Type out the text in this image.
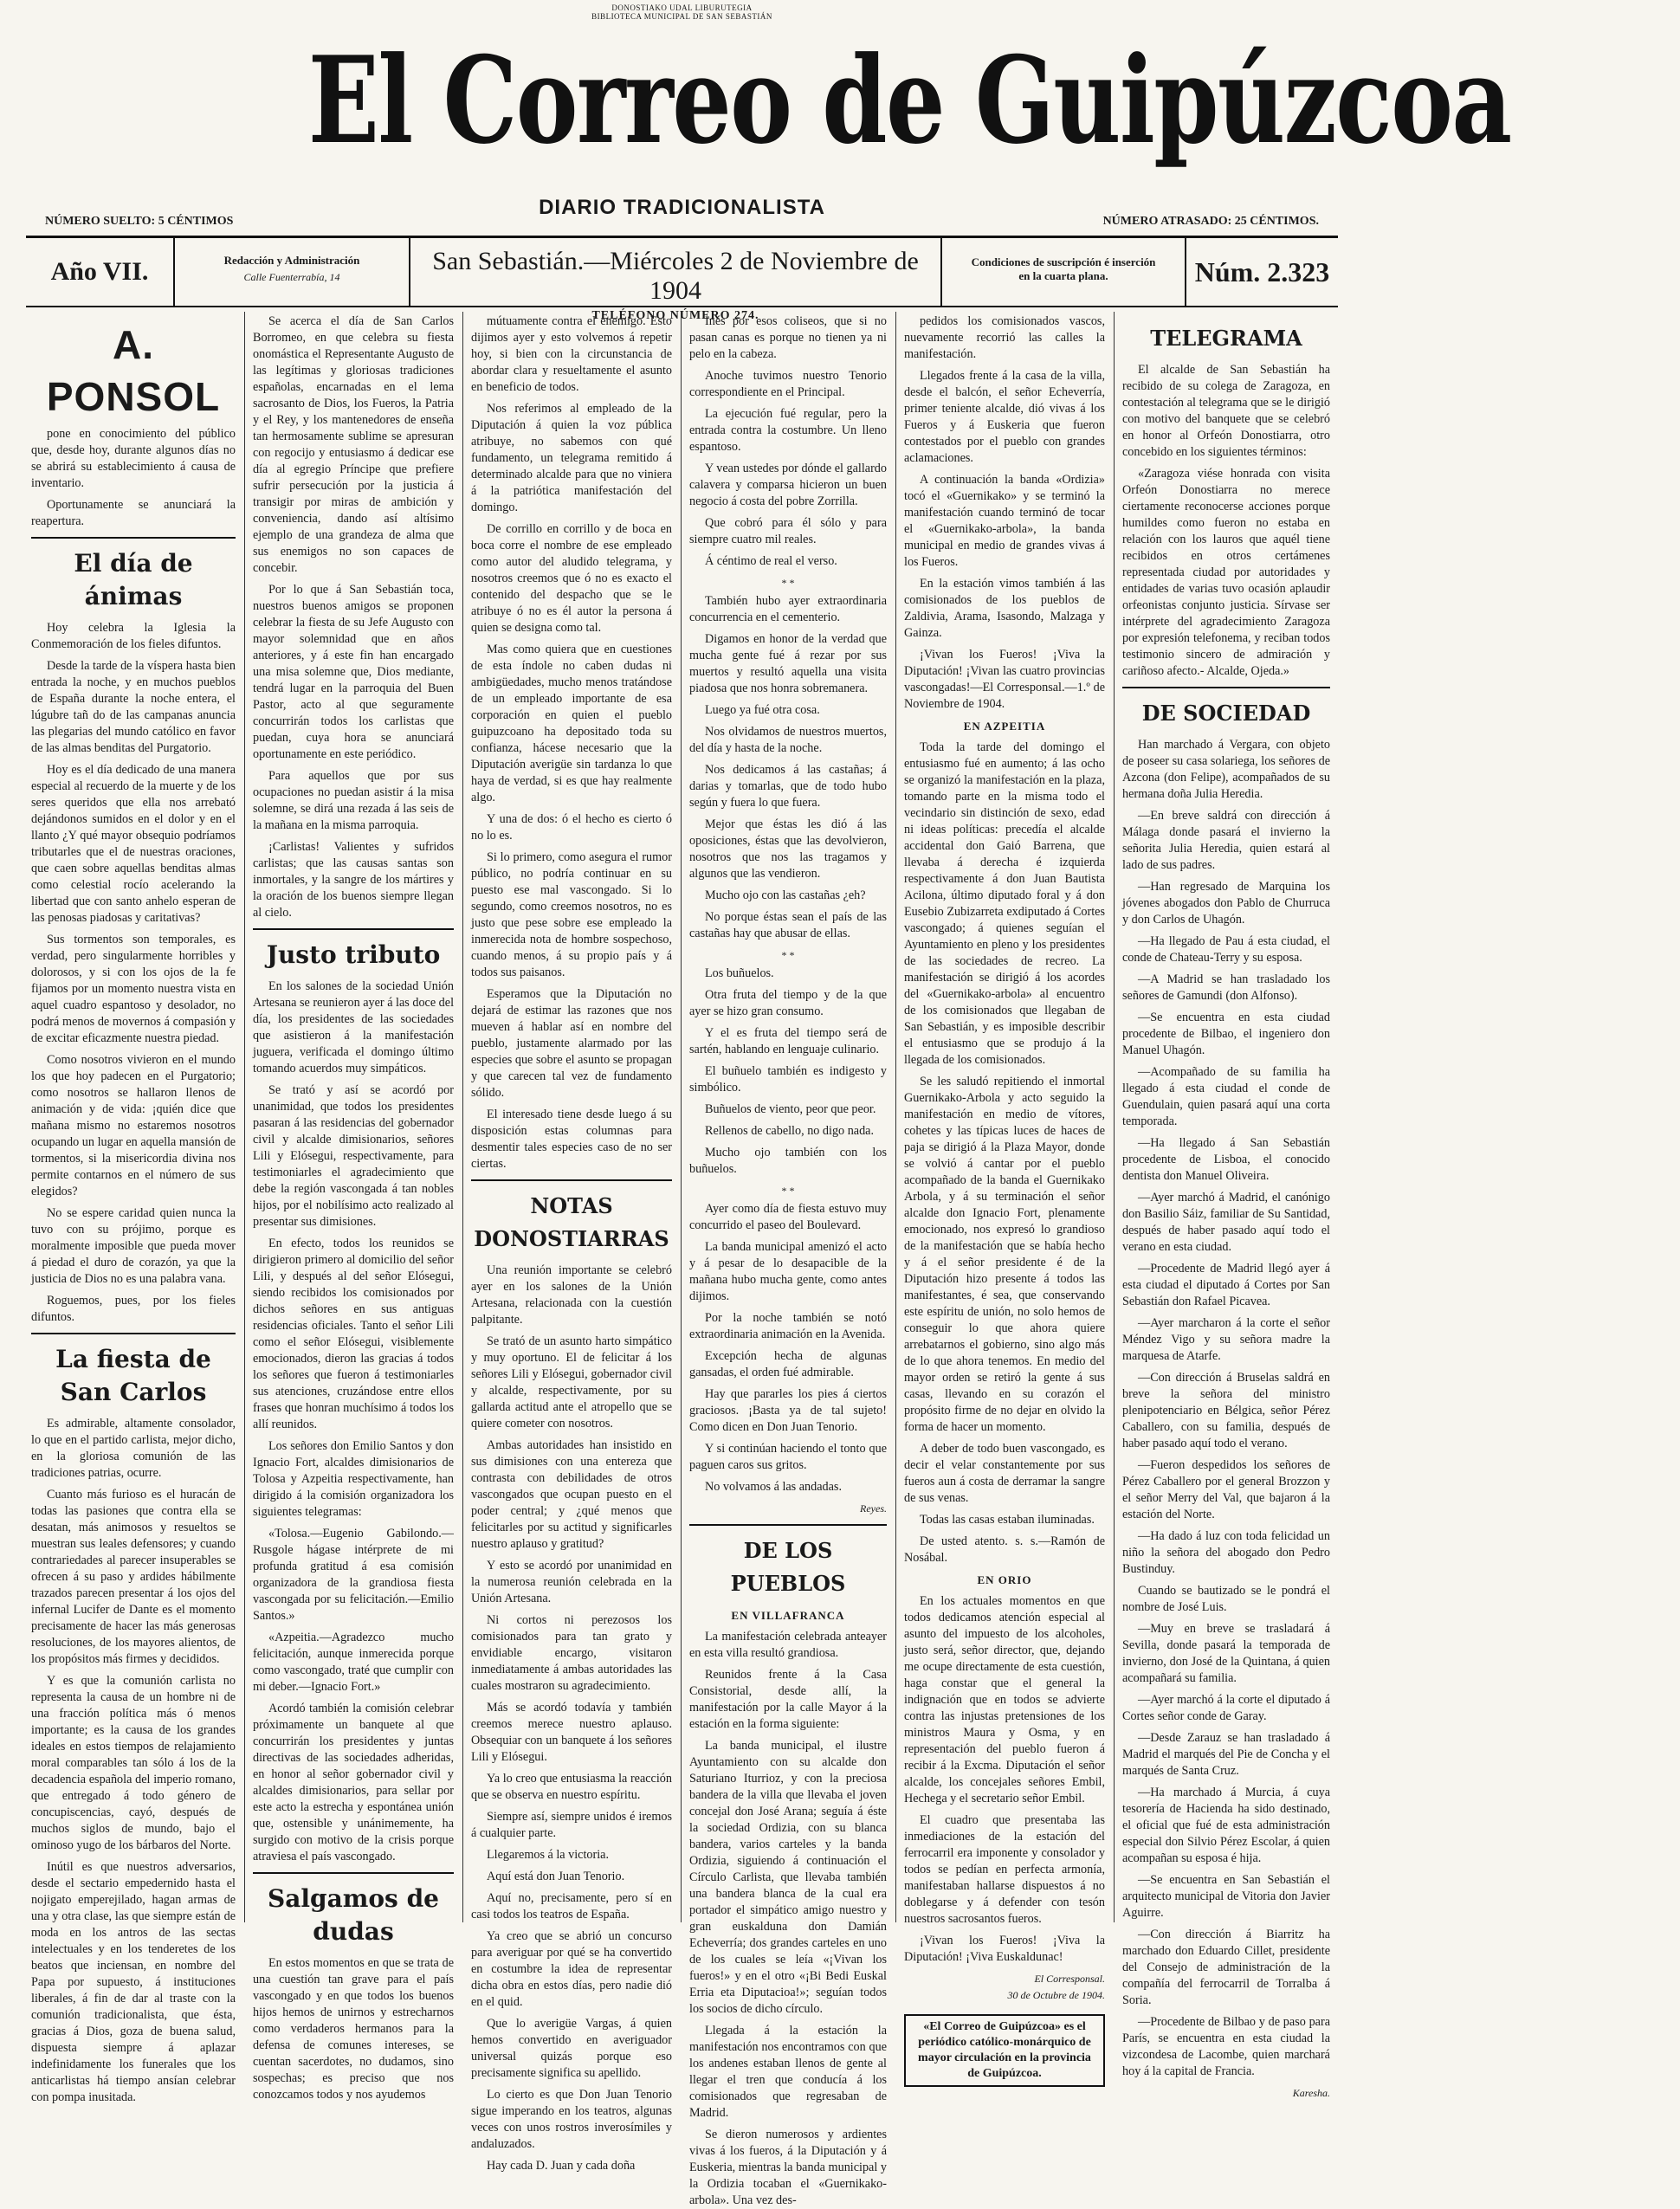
DONOSTIAKO UDAL LIBURUTEGIA
BIBLIOTECA MUNICIPAL DE SAN SEBASTIÁN
El Correo de Guipúzcoa
DIARIO TRADICIONALISTA
NÚMERO SUELTO: 5 CÉNTIMOS	NÚMERO ATRASADO: 25 CÉNTIMOS.
Año VII.	Redacción y Administración
Calle Fuenterrabía, 14
San Sebastián.—Miércoles 2 de Noviembre de 1904
TELÉFONO NÚMERO 274.
Condiciones de suscripción é inserción
en la cuarta plana.	Núm. 2.323
A. PONSOL

pone en conocimiento del público que, desde hoy, durante algunos días no se abrirá su establecimiento á causa de inventario.

Oportunamente se anunciará la reapertura.

El día de ánimas

Hoy celebra la Iglesia la Conmemoración de los fieles difuntos.

Desde la tarde de la víspera hasta bien entrada la noche, y en muchos pueblos de España durante la noche entera, el lúgubre tañ do de las campanas anuncia las plegarias del mundo católico en favor de las almas benditas del Purgatorio.

Hoy es el día dedicado de una manera especial al recuerdo de la muerte y de los seres queridos que ella nos arrebató dejándonos sumidos en el dolor y en el llanto ¿Y qué mayor obsequio podríamos tributarles que el de nuestras oraciones, que caen sobre aquellas benditas almas como celestial rocío acelerando la libertad que con santo anhelo esperan de las penosas piadosas y caritativas?

Sus tormentos son temporales, es verdad, pero singularmente horribles y dolorosos, y si con los ojos de la fe fijamos por un momento nuestra vista en aquel cuadro espantoso y desolador, no podrá menos de movernos á compasión y de excitar eficazmente nuestra piedad.

Como nosotros vivieron en el mundo los que hoy padecen en el Purgatorio; como nosotros se hallaron llenos de animación y de vida: ¡quién dice que mañana mismo no estaremos nosotros ocupando un lugar en aquella mansión de tormentos, si la misericordia divina nos permite contarnos en el número de sus elegidos?

No se espere caridad quien nunca la tuvo con su prójimo, porque es moralmente imposible que pueda mover á piedad el duro de corazón, ya que la justicia de Dios no es una palabra vana.

Roguemos, pues, por los fieles difuntos.

La fiesta de San Carlos

Es admirable, altamente consolador, lo que en el partido carlista, mejor dicho, en la gloriosa comunión de las tradiciones patrias, ocurre.

Cuanto más furioso es el huracán de todas las pasiones que contra ella se desatan, más animosos y resueltos se muestran sus leales defensores; y cuando contrariedades al parecer insuperables se ofrecen á su paso y ardides hábilmente trazados parecen presentar á los ojos del infernal Lucifer de Dante es el momento precisamente de hacer las más generosas resoluciones, de los mayores alientos, de los propósitos más firmes y decididos.

Y es que la comunión carlista no representa la causa de un hombre ni de una fracción política más ó menos importante; es la causa de los grandes ideales en estos tiempos de relajamiento moral comparables tan sólo á los de la decadencia española del imperio romano, que entregado á todo género de concupiscencias, cayó, después de muchos siglos de mundo, bajo el ominoso yugo de los bárbaros del Norte.

Inútil es que nuestros adversarios, desde el sectario empedernido hasta el nojigato emperejilado, hagan armas de una y otra clase, las que siempre están de moda en los antros de las sectas intelectuales y en los tenderetes de los beatos que inciensan, en nombre del Papa por supuesto, á instituciones liberales, á fin de dar al traste con la comunión tradicionalista, que ésta, gracias á Dios, goza de buena salud, dispuesta siempre á aplazar indefinidamente los funerales que los anticarlistas há tiempo ansían celebrar con pompa inusitada.

Se acerca el día de San Carlos Borromeo, en que celebra su fiesta onomástica el Representante Augusto de las legítimas y gloriosas tradiciones españolas, encarnadas en el lema sacrosanto de Dios, los Fueros, la Patria y el Rey, y los mantenedores de enseña tan hermosamente sublime se apresuran con regocijo y entusiasmo á dedicar ese día al egregio Príncipe que prefiere sufrir persecución por la justicia á transigir por miras de ambición y conveniencia, dando así altísimo ejemplo de una grandeza de alma que sus enemigos no son capaces de concebir.

Por lo que á San Sebastián toca, nuestros buenos amigos se proponen celebrar la fiesta de su Jefe Augusto con mayor solemnidad que en años anteriores, y á este fin han encargado una misa solemne que, Dios mediante, tendrá lugar en la parroquia del Buen Pastor, acto al que seguramente concurrirán todos los carlistas que puedan, cuya hora se anunciará oportunamente en este periódico.

Para aquellos que por sus ocupaciones no puedan asistir á la misa solemne, se dirá una rezada á las seis de la mañana en la misma parroquia.

¡Carlistas! Valientes y sufridos carlistas; que las causas santas son inmortales, y la sangre de los mártires y la oración de los buenos siempre llegan al cielo.

Justo tributo

En los salones de la sociedad Unión Artesana se reunieron ayer á las doce del día, los presidentes de las sociedades que asistieron á la manifestación juguera, verificada el domingo último tomando acuerdos muy simpáticos.

Se trató y así se acordó por unanimidad, que todos los presidentes pasaran á las residencias del gobernador civil y alcalde dimisionarios, señores Lili y Elósegui, respectivamente, para testimoniarles el agradecimiento que debe la región vascongada á tan nobles hijos, por el nobilísimo acto realizado al presentar sus dimisiones.

En efecto, todos los reunidos se dirigieron primero al domicilio del señor Lili, y después al del señor Elósegui, siendo recibidos los comisionados por dichos señores en sus antiguas residencias oficiales. Tanto el señor Lili como el señor Elósegui, visiblemente emocionados, dieron las gracias á todos los señores que fueron á testimoniarles sus atenciones, cruzándose entre ellos frases que honran muchísimo á todos los allí reunidos.

Los señores don Emilio Santos y don Ignacio Fort, alcaldes dimisionarios de Tolosa y Azpeitia respectivamente, han dirigido á la comisión organizadora los siguientes telegramas:

«Tolosa.—Eugenio Gabilondo.—Rusgole hágase intérprete de mi profunda gratitud á esa comisión organizadora de la grandiosa fiesta vascongada por su felicitación.—Emilio Santos.»

«Azpeitia.—Agradezco mucho felicitación, aunque inmerecida porque como vascongado, traté que cumplir con mi deber.—Ignacio Fort.»

Acordó también la comisión celebrar próximamente un banquete al que concurrirán los presidentes y juntas directivas de las sociedades adheridas, en honor al señor gobernador civil y alcaldes dimisionarios, para sellar por este acto la estrecha y espontánea unión que, ostensible y unánimemente, ha surgido con motivo de la crisis porque atraviesa el país vascongado.

Salgamos de dudas

En estos momentos en que se trata de una cuestión tan grave para el país vascongado y en que todos los buenos hijos hemos de unirnos y estrecharnos como verdaderos hermanos para la defensa de comunes intereses, se cuentan sacerdotes, no dudamos, sino sospechas; es preciso que nos conozcamos todos y nos ayudemos

mútuamente contra el enemigo. Esto dijimos ayer y esto volvemos á repetir hoy, si bien con la circunstancia de abordar clara y resueltamente el asunto en beneficio de todos.

Nos referimos al empleado de la Diputación á quien la voz pública atribuye, no sabemos con qué fundamento, un telegrama remitido á determinado alcalde para que no viniera á la patriótica manifestación del domingo.

De corrillo en corrillo y de boca en boca corre el nombre de ese empleado como autor del aludido telegrama, y nosotros creemos que ó no es exacto el contenido del despacho que se le atribuye ó no es él autor la persona á quien se designa como tal.

Mas como quiera que en cuestiones de esta índole no caben dudas ni ambigüedades, mucho menos tratándose de un empleado importante de esa corporación en quien el pueblo guipuzcoano ha depositado toda su confianza, hácese necesario que la Diputación averigüe sin tardanza lo que haya de verdad, si es que hay realmente algo.

Y una de dos: ó el hecho es cierto ó no lo es.

Si lo primero, como asegura el rumor público, no podría continuar en su puesto ese mal vascongado. Si lo segundo, como creemos nosotros, no es justo que pese sobre ese empleado la inmerecida nota de hombre sospechoso, cuando menos, á su propio país y á todos sus paisanos.

Esperamos que la Diputación no dejará de estimar las razones que nos mueven á hablar así en nombre del pueblo, justamente alarmado por las especies que sobre el asunto se propagan y que carecen tal vez de fundamento sólido.

El interesado tiene desde luego á su disposición estas columnas para desmentir tales especies caso de no ser ciertas.

NOTAS DONOSTIARRAS

Una reunión importante se celebró ayer en los salones de la Unión Artesana, relacionada con la cuestión palpitante.

Se trató de un asunto harto simpático y muy oportuno. El de felicitar á los señores Lili y Elósegui, gobernador civil y alcalde, respectivamente, por su gallarda actitud ante el atropello que se quiere cometer con nosotros.

Ambas autoridades han insistido en sus dimisiones con una entereza que contrasta con debilidades de otros vascongados que ocupan puesto en el poder central; y ¿qué menos que felicitarles por su actitud y significarles nuestro aplauso y gratitud?

Y esto se acordó por unanimidad en la numerosa reunión celebrada en la Unión Artesana.

Ni cortos ni perezosos los comisionados para tan grato y envidiable encargo, visitaron inmediatamente á ambas autoridades las cuales mostraron su agradecimiento.

Más se acordó todavía y también creemos merece nuestro aplauso. Obsequiar con un banquete á los señores Lili y Elósegui.

Ya lo creo que entusiasma la reacción que se observa en nuestro espíritu.

Siempre así, siempre unidos é iremos á cualquier parte.

Llegaremos á la victoria.

Aquí está don Juan Tenorio.

Aquí no, precisamente, pero sí en casi todos los teatros de España.

Ya creo que se abrió un concurso para averiguar por qué se ha convertido en costumbre la idea de representar dicha obra en estos días, pero nadie dió en el quid.

Que lo averigüe Vargas, á quien hemos convertido en averiguador universal quizás porque eso precisamente significa su apellido.

Lo cierto es que Don Juan Tenorio sigue imperando en los teatros, algunas veces con unos rostros inverosímiles y andaluzados.

Hay cada D. Juan y cada doña

Inés por esos coliseos, que si no pasan canas es porque no tienen ya ni pelo en la cabeza.

Anoche tuvimos nuestro Tenorio correspondiente en el Principal.

La ejecución fué regular, pero la entrada contra la costumbre. Un lleno espantoso.

Y vean ustedes por dónde el gallardo calavera y comparsa hicieron un buen negocio á costa del pobre Zorrilla.

Que cobró para él sólo y para siempre cuatro mil reales.

Á céntimo de real el verso.

* *

También hubo ayer extraordinaria concurrencia en el cementerio.

Digamos en honor de la verdad que mucha gente fué á rezar por sus muertos y resultó aquella una visita piadosa que nos honra sobremanera.

Luego ya fué otra cosa.

Nos olvidamos de nuestros muertos, del día y hasta de la noche.

Nos dedicamos á las castañas; á darias y tomarlas, que de todo hubo según y fuera lo que fuera.

Mejor que éstas les dió á las oposiciones, éstas que las devolvieron, nosotros que nos las tragamos y algunos que las vendieron.

Mucho ojo con las castañas ¿eh?

No porque éstas sean el país de las castañas hay que abusar de ellas.

* *

Los buñuelos.

Otra fruta del tiempo y de la que ayer se hizo gran consumo.

Y el es fruta del tiempo será de sartén, hablando en lenguaje culinario.

El buñuelo también es indigesto y simbólico.

Buñuelos de viento, peor que peor.

Rellenos de cabello, no digo nada.

Mucho ojo también con los buñuelos.

* *

Ayer como día de fiesta estuvo muy concurrido el paseo del Boulevard.

La banda municipal amenizó el acto y á pesar de lo desapacible de la mañana hubo mucha gente, como antes dijimos.

Por la noche también se notó extraordinaria animación en la Avenida.

Excepción hecha de algunas gansadas, el orden fué admirable.

Hay que pararles los pies á ciertos graciosos. ¡Basta ya de tal sujeto! Como dicen en Don Juan Tenorio.

Y si continúan haciendo el tonto que paguen caros sus gritos.

No volvamos á las andadas.

Reyes.
DE LOS PUEBLOS
EN VILLAFRANCA

La manifestación celebrada anteayer en esta villa resultó grandiosa.

Reunidos frente á la Casa Consistorial, desde allí, la manifestación por la calle Mayor á la estación en la forma siguiente:

La banda municipal, el ilustre Ayuntamiento con su alcalde don Saturiano Iturrioz, y con la preciosa bandera de la villa que llevaba el joven concejal don José Arana; seguía á éste la sociedad Ordizia, con su blanca bandera, varios carteles y la banda Ordizia, siguiendo á continuación el Círculo Carlista, que llevaba también una bandera blanca de la cual era portador el simpático amigo nuestro y gran euskalduna don Damián Echeverría; dos grandes carteles en uno de los cuales se leía «¡Vivan los fueros!» y en el otro «¡Bi Bedi Euskal Erria eta Diputacioa!»; seguían todos los socios de dicho círculo.

Llegada á la estación la manifestación nos encontramos con que los andenes estaban llenos de gente al llegar el tren que conducía á los comisionados que regresaban de Madrid.

Se dieron numerosos y ardientes vivas á los fueros, á la Diputación y á Euskeria, mientras la banda municipal y la Ordizia tocaban el «Guernikako-arbola». Una vez des-

pedidos los comisionados vascos, nuevamente recorrió las calles la manifestación.

Llegados frente á la casa de la villa, desde el balcón, el señor Echeverría, primer teniente alcalde, dió vivas á los Fueros y á Euskeria que fueron contestados por el pueblo con grandes aclamaciones.

A continuación la banda «Ordizia» tocó el «Guernikako» y se terminó la manifestación cuando terminó de tocar el «Guernikako-arbola», la banda municipal en medio de grandes vivas á los Fueros.

En la estación vimos también á las comisionados de los pueblos de Zaldivia, Arama, Isasondo, Malzaga y Gainza.

¡Vivan los Fueros! ¡Viva la Diputación! ¡Vivan las cuatro provincias vascongadas!—El Corresponsal.—1.º de Noviembre de 1904.

EN AZPEITIA

Toda la tarde del domingo el entusiasmo fué en aumento; á las ocho se organizó la manifestación en la plaza, tomando parte en la misma todo el vecindario sin distinción de sexo, edad ni ideas políticas: precedía el alcalde accidental don Gaió Barrena, que llevaba á derecha é izquierda respectivamente á don Juan Bautista Acilona, último diputado foral y á don Eusebio Zubizarreta exdiputado á Cortes vascongado; á quienes seguían el Ayuntamiento en pleno y los presidentes de las sociedades de recreo. La manifestación se dirigió á los acordes del «Guernikako-arbola» al encuentro de los comisionados que llegaban de San Sebastián, y es imposible describir el entusiasmo que se produjo á la llegada de los comisionados.

Se les saludó repitiendo el inmortal Guernikako-Arbola y acto seguido la manifestación en medio de vítores, cohetes y las típicas luces de haces de paja se dirigió á la Plaza Mayor, donde se volvió á cantar por el pueblo acompañado de la banda el Guernikako Arbola, y á su terminación el señor alcalde don Ignacio Fort, plenamente emocionado, nos expresó lo grandioso de la manifestación que se había hecho y á el señor presidente é de la Diputación hizo presente á todos las manifestantes, é sea, que conservando este espíritu de unión, no solo hemos de conseguir lo que ahora quiere arrebatarnos el gobierno, sino algo más de lo que ahora tenemos. En medio del mayor orden se retiró la gente á sus casas, llevando en su corazón el propósito firme de no dejar en olvido la forma de hacer un momento.

A deber de todo buen vascongado, es decir el velar constantemente por sus fueros aun á costa de derramar la sangre de sus venas.

Todas las casas estaban iluminadas.

De usted atento. s. s.—Ramón de Nosábal.

EN ORIO

En los actuales momentos en que todos dedicamos atención especial al asunto del impuesto de los alcoholes, justo será, señor director, que, dejando me ocupe directamente de esta cuestión, haga constar que el general la indignación que en todos se advierte contra las injustas pretensiones de los ministros Maura y Osma, y en representación del pueblo fueron á recibir á la Excma. Diputación el señor alcalde, los concejales señores Embil, Hechega y el secretario señor Embil.

El cuadro que presentaba las inmediaciones de la estación del ferrocarril era imponente y consolador y todos se pedían en perfecta armonía, manifestaban hallarse dispuestos á no doblegarse y á defender con tesón nuestros sacrosantos fueros.

¡Vivan los Fueros! ¡Viva la Diputación! ¡Viva Euskaldunac!

El Corresponsal.
30 de Octubre de 1904.
«El Correo de Guipúzcoa» es el periódico católico-monárquico de mayor circulación en la provincia de Guipúzcoa.
TELEGRAMA

El alcalde de San Sebastián ha recibido de su colega de Zaragoza, en contestación al telegrama que se le dirigió con motivo del banquete que se celebró en honor al Orfeón Donostiarra, otro concebido en los siguientes términos:

«Zaragoza viése honrada con visita Orfeón Donostiarra no merece ciertamente reconocerse acciones porque humildes como fueron no estaba en relación con los lauros que aquél tiene recibidos en otros certámenes representada ciudad por autoridades y entidades de varias tuvo ocasión aplaudir orfeonistas conjunto justicia. Sírvase ser intérprete del agradecimiento Zaragoza por expresión telefonema, y reciban todos testimonio sincero de admiración y cariñoso afecto.- Alcalde, Ojeda.»

DE SOCIEDAD

Han marchado á Vergara, con objeto de poseer su casa solariega, los señores de Azcona (don Felipe), acompañados de su hermana doña Julia Heredia.

—En breve saldrá con dirección á Málaga donde pasará el invierno la señorita Julia Heredia, quien estará al lado de sus padres.

—Han regresado de Marquina los jóvenes abogados don Pablo de Churruca y don Carlos de Uhagón.

—Ha llegado de Pau á esta ciudad, el conde de Chateau-Terry y su esposa.

—A Madrid se han trasladado los señores de Gamundi (don Alfonso).

—Se encuentra en esta ciudad procedente de Bilbao, el ingeniero don Manuel Uhagón.

—Acompañado de su familia ha llegado á esta ciudad el conde de Guendulain, quien pasará aquí una corta temporada.

—Ha llegado á San Sebastián procedente de Lisboa, el conocido dentista don Manuel Oliveira.

—Ayer marchó á Madrid, el canónigo don Basilio Sáiz, familiar de Su Santidad, después de haber pasado aquí todo el verano en esta ciudad.

—Procedente de Madrid llegó ayer á esta ciudad el diputado á Cortes por San Sebastián don Rafael Picavea.

—Ayer marcharon á la corte el señor Méndez Vigo y su señora madre la marquesa de Atarfe.

—Con dirección á Bruselas saldrá en breve la señora del ministro plenipotenciario en Bélgica, señor Pérez Caballero, con su familia, después de haber pasado aquí todo el verano.

—Fueron despedidos los señores de Pérez Caballero por el general Brozzon y el señor Merry del Val, que bajaron á la estación del Norte.

—Ha dado á luz con toda felicidad un niño la señora del abogado don Pedro Bustinduy.

Cuando se bautizado se le pondrá el nombre de José Luis.

—Muy en breve se trasladará á Sevilla, donde pasará la temporada de invierno, don José de la Quintana, á quien acompañará su familia.

—Ayer marchó á la corte el diputado á Cortes señor conde de Garay.

—Desde Zarauz se han trasladado á Madrid el marqués del Pie de Concha y el marqués de Santa Cruz.

—Ha marchado á Murcia, á cuya tesorería de Hacienda ha sido destinado, el oficial que fué de esta administración especial don Silvio Pérez Escolar, á quien acompañan su esposa é hija.

—Se encuentra en San Sebastián el arquitecto municipal de Vitoria don Javier Aguirre.

—Con dirección á Biarritz ha marchado don Eduardo Cillet, presidente del Consejo de administración de la compañía del ferrocarril de Torralba á Soria.

—Procedente de Bilbao y de paso para París, se encuentra en esta ciudad la vizcondesa de Lacombe, quien marchará hoy á la capital de Francia.

Karesha.
